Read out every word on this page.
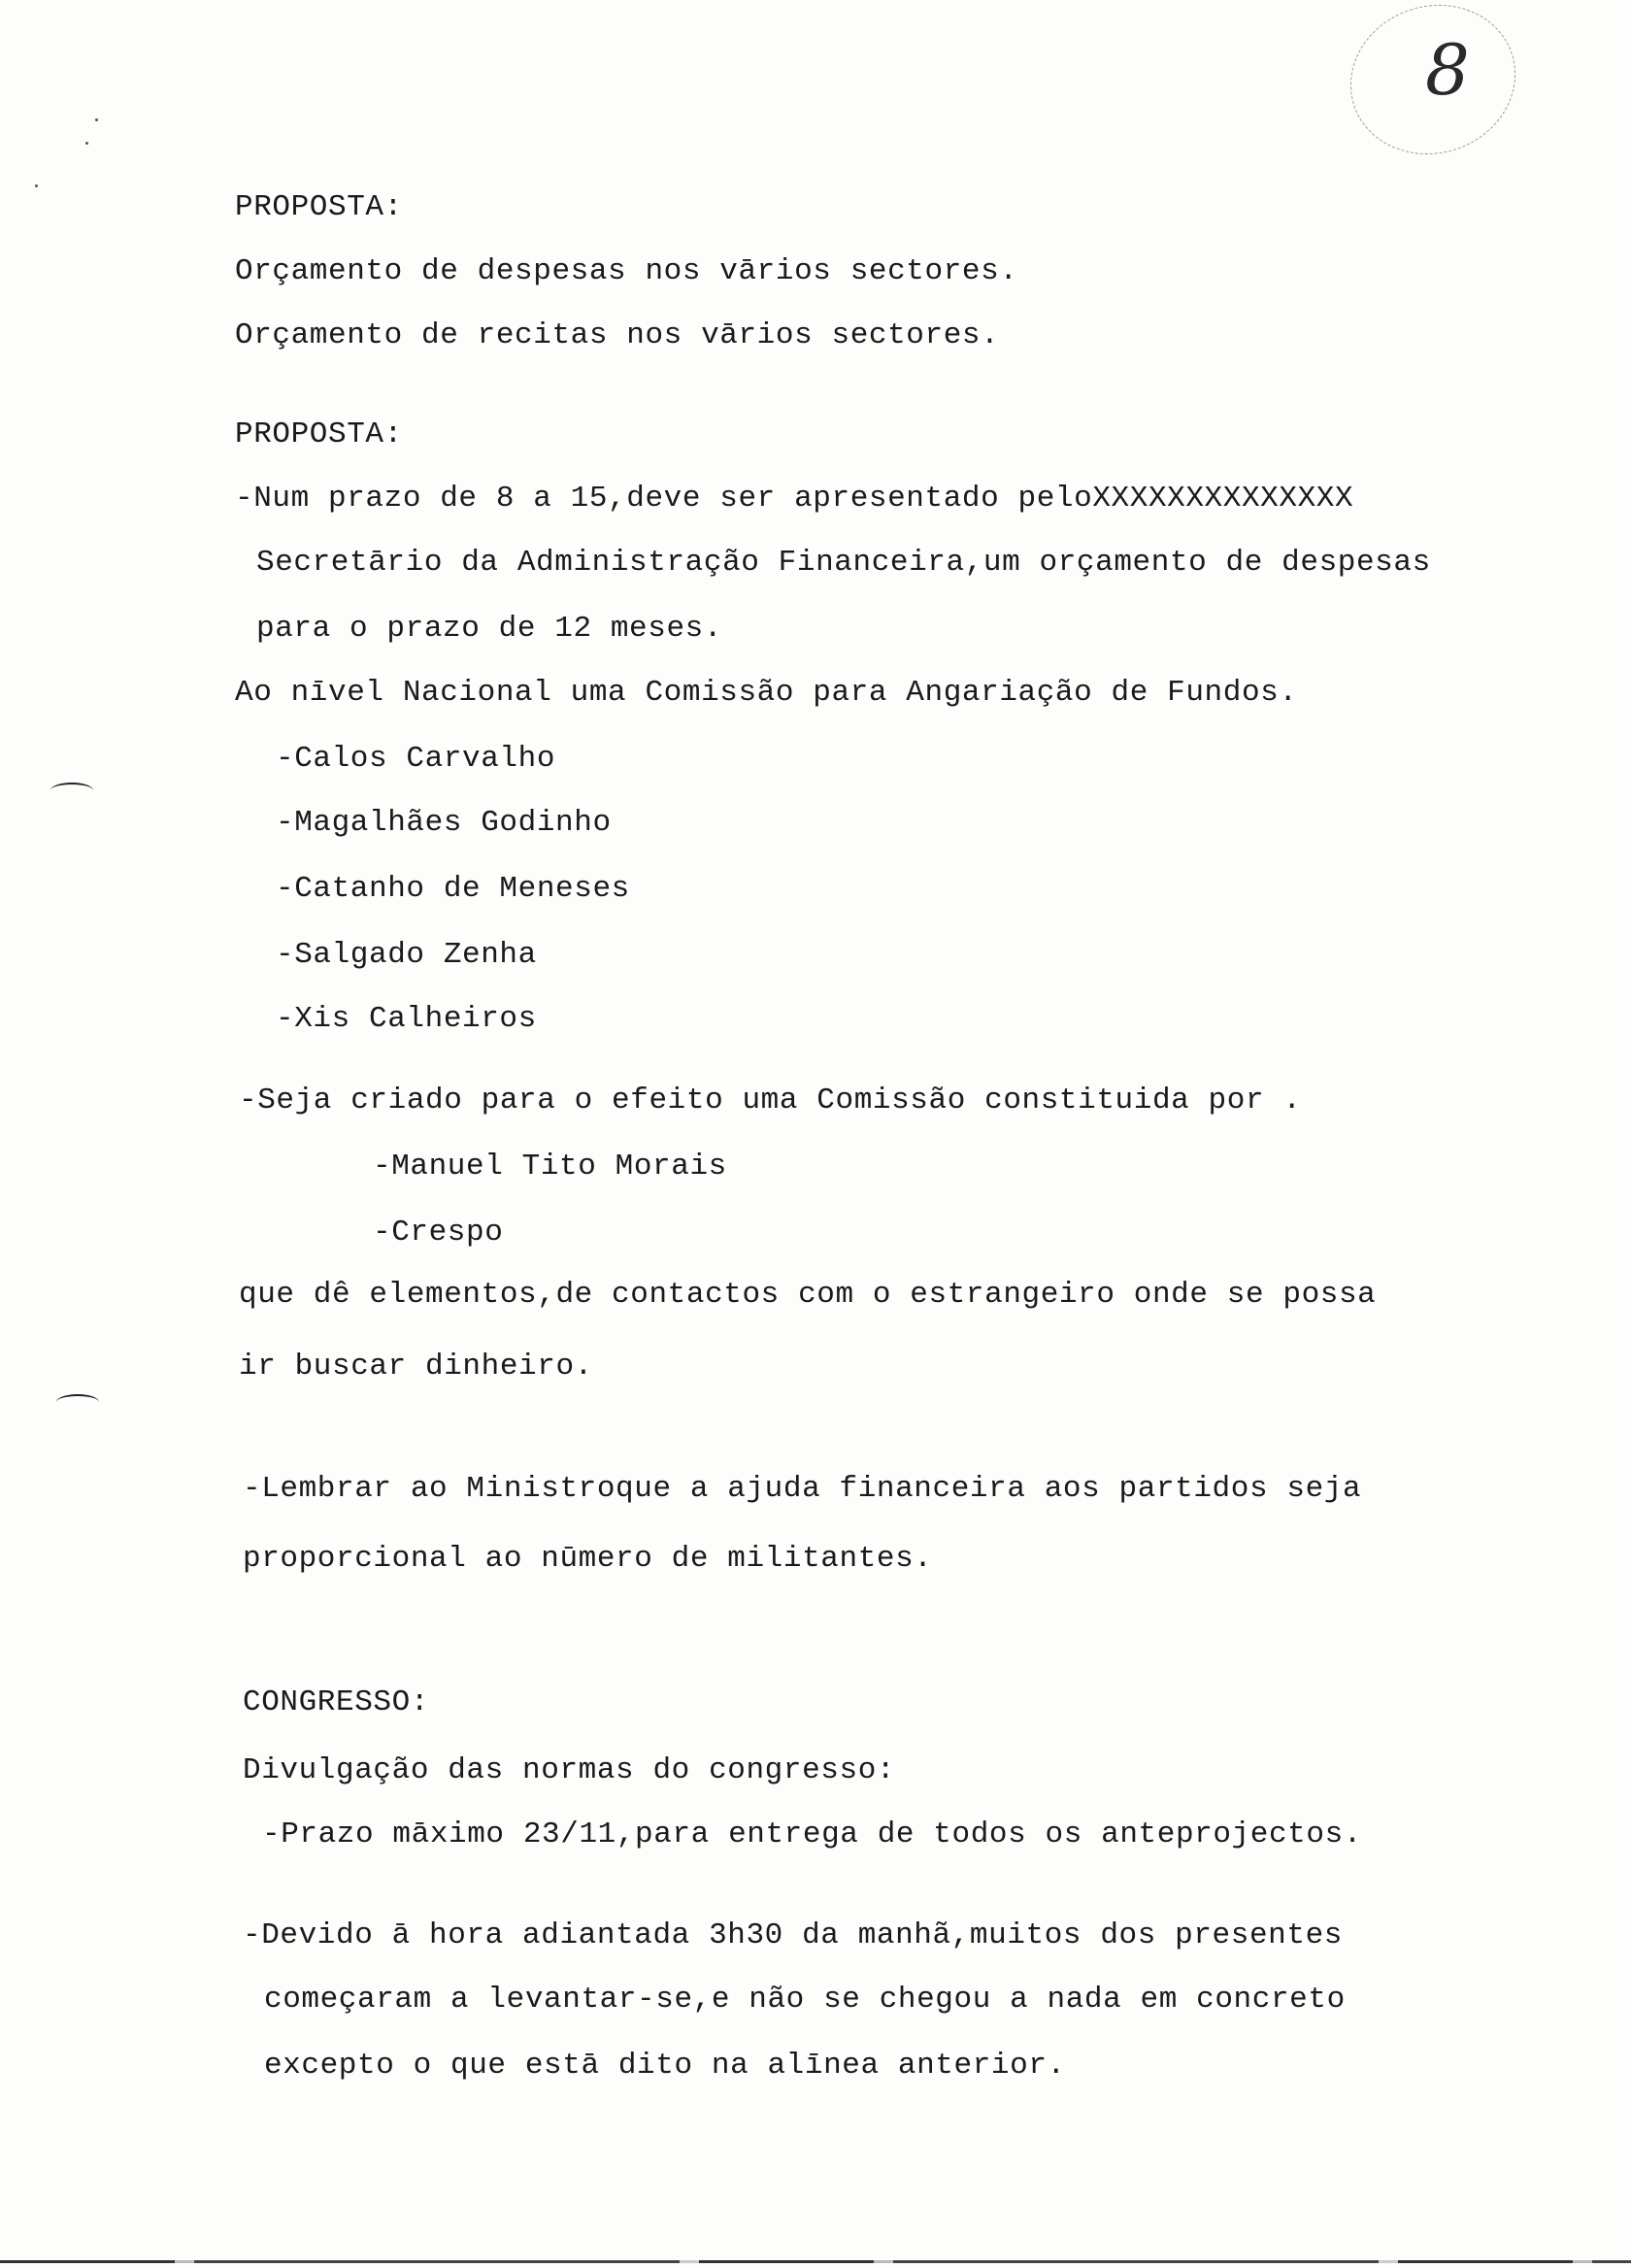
8
PROPOSTA:
Orçamento de despesas nos vārios sectores.
Orçamento de recitas nos vārios sectores.
PROPOSTA:
-Num prazo de 8 a 15,deve ser apresentado peloXXXXXXXXXXXXXX
Secretārio da Administração Financeira,um orçamento de despesas
para o prazo de 12 meses.
Ao nīvel Nacional uma Comissão para Angariação de Fundos.
-Calos Carvalho
-Magalhães Godinho
-Catanho de Meneses
-Salgado Zenha
-Xis Calheiros
-Seja criado para o efeito uma Comissão constituida por .
-Manuel Tito Morais
-Crespo
que dê elementos,de contactos com o estrangeiro onde se possa
ir buscar dinheiro.
-Lembrar ao Ministroque a ajuda financeira aos partidos seja
proporcional ao nūmero de militantes.
CONGRESSO:
Divulgação das normas do congresso:
-Prazo māximo 23/11,para entrega de todos os anteprojectos.
-Devido ā hora adiantada 3h30 da manhã,muitos dos presentes
começaram a levantar-se,e não se chegou a nada em concreto
excepto o que estā dito na alīnea anterior.
